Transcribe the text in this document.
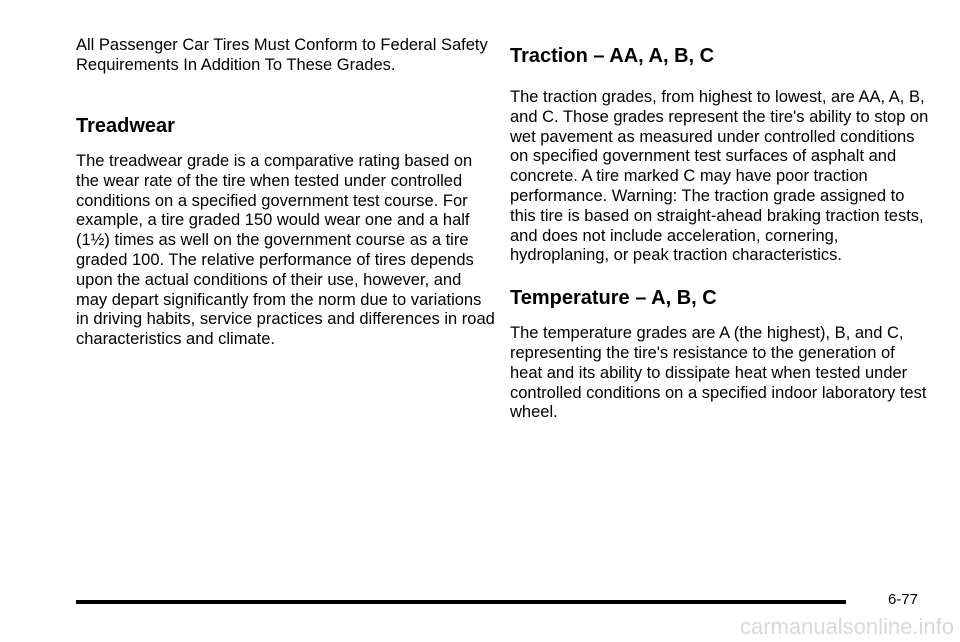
All Passenger Car Tires Must Conform to Federal Safety Requirements In Addition To These Grades.

Treadwear

The treadwear grade is a comparative rating based on the wear rate of the tire when tested under controlled conditions on a specified government test course. For example, a tire graded 150 would wear one and a half (1½) times as well on the government course as a tire graded 100. The relative performance of tires depends upon the actual conditions of their use, however, and may depart significantly from the norm due to variations in driving habits, service practices and differences in road characteristics and climate.

Traction – AA, A, B, C

The traction grades, from highest to lowest, are AA, A, B, and C. Those grades represent the tire's ability to stop on wet pavement as measured under controlled conditions on specified government test surfaces of asphalt and concrete. A tire marked C may have poor traction performance. Warning: The traction grade assigned to this tire is based on straight-ahead braking traction tests, and does not include acceleration, cornering, hydroplaning, or peak traction characteristics.

Temperature – A, B, C

The temperature grades are A (the highest), B, and C, representing the tire's resistance to the generation of heat and its ability to dissipate heat when tested under controlled conditions on a specified indoor laboratory test wheel.

6-77
carmanualsonline.info
